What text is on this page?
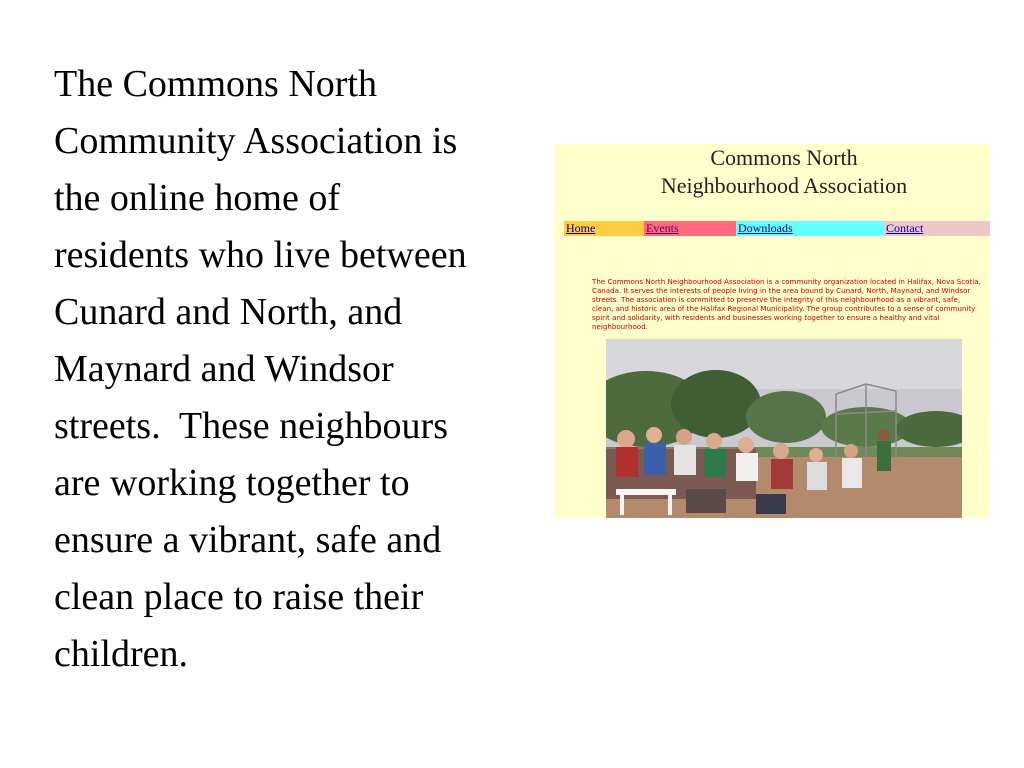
The Commons North
Community Association is
the online home of
residents who live between
Cunard and North, and
Maynard and Windsor
streets.  These neighbours
are working together to
ensure a vibrant, safe and
clean place to raise their
children.
Commons North
Neighbourhood Association
Home	Events	Downloads	Contact
The Commons North Neighbourhood Association is a community organization located in Halifax, Nova Scotia, Canada. It serves the interests of people living in the area bound by Cunard, North, Maynard, and Windsor streets. The association is committed to preserve the integrity of this neighbourhood as a vibrant, safe, clean, and historic area of the Halifax Regional Municipality. The group contributes to a sense of community spirit and solidarity, with residents and businesses working together to ensure a healthy and vital neighbourhood.
